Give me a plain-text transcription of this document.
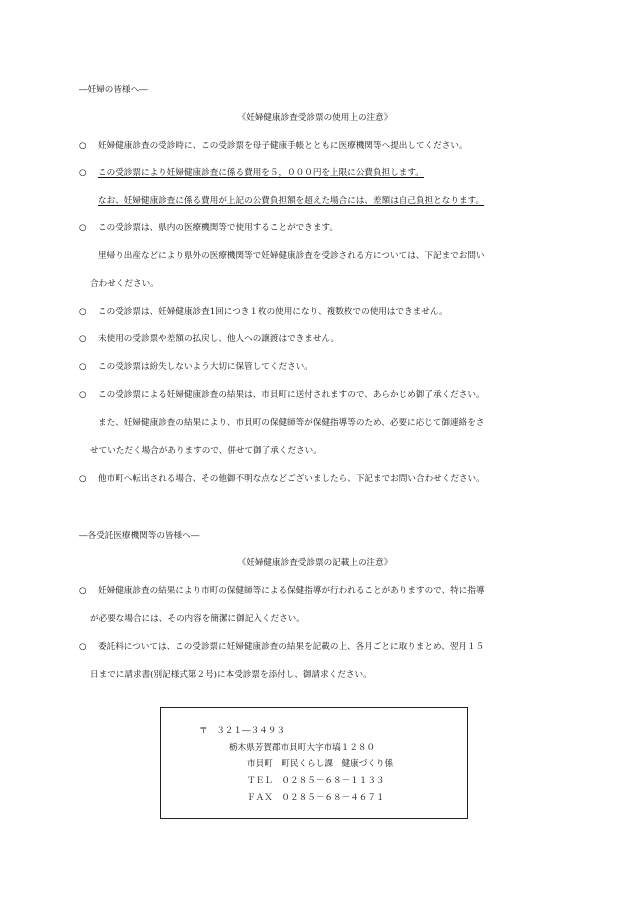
―妊婦の皆様へ―
《妊婦健康診査受診票の使用上の注意》
○ 妊婦健康診査の受診時に、この受診票を母子健康手帳とともに医療機関等へ提出してください。
○ この受診票により妊婦健康診査に係る費用を５，０００円を上限に公費負担します。
なお、妊婦健康診査に係る費用が上記の公費負担額を超えた場合には、差額は自己負担となります。
○ この受診票は、県内の医療機関等で使用することができます。
里帰り出産などにより県外の医療機関等で妊婦健康診査を受診される方については、下記までお問い
合わせください。
○ この受診票は、妊婦健康診査1回につき１枚の使用になり、複数枚での使用はできません。
○ 未使用の受診票や差額の払戻し、他人への譲渡はできません。
○ この受診票は紛失しないよう大切に保管してください。
○ この受診票による妊婦健康診査の結果は、市貝町に送付されますので、あらかじめ御了承ください。
また、妊婦健康診査の結果により、市貝町の保健師等が保健指導等のため、必要に応じて御連絡をさ
せていただく場合がありますので、併せて御了承ください。
○ 他市町へ転出される場合、その他御不明な点などございましたら、下記までお問い合わせください。
―各受託医療機関等の皆様へ―
《妊婦健康診査受診票の記載上の注意》
○ 妊婦健康診査の結果により市町の保健師等による保健指導が行われることがありますので、特に指導
が必要な場合には、その内容を簡潔に御記入ください。
○ 委託料については、この受診票に妊婦健康診査の結果を記載の上、各月ごとに取りまとめ、翌月１５
日までに請求書(別記様式第２号)に本受診票を添付し、御請求ください。
〒　３２１―３４９３
栃木県芳賀郡市貝町大字市塙１２８０
市貝町　町民くらし課　健康づくり係
ＴＥＬ　０２８５－６８－１１３３
ＦＡＸ　０２８５－６８－４６７１
